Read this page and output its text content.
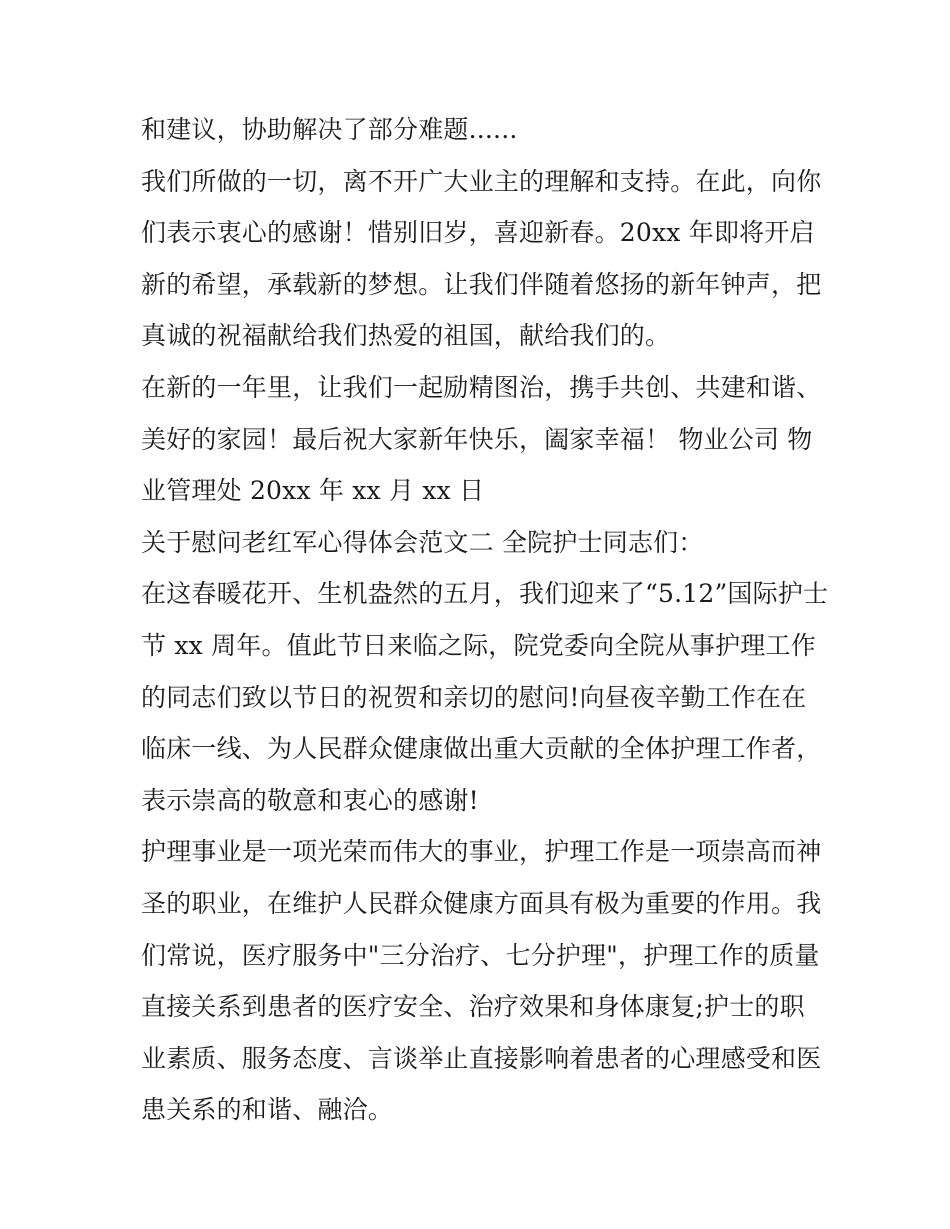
和建议，协助解决了部分难题......
我们所做的一切，离不开广大业主的理解和支持。在此，向你
们表示衷心的感谢！惜别旧岁，喜迎新春。20xx 年即将开启
新的希望，承载新的梦想。让我们伴随着悠扬的新年钟声，把
真诚的祝福献给我们热爱的祖国，献给我们的。
在新的一年里，让我们一起励精图治，携手共创、共建和谐、
美好的家园！最后祝大家新年快乐，阖家幸福！ 物业公司 物
业管理处 20xx 年 xx 月 xx 日
关于慰问老红军心得体会范文二 全院护士同志们：
在这春暖花开、生机盎然的五月，我们迎来了“5.12”国际护士
节 xx 周年。值此节日来临之际，院党委向全院从事护理工作
的同志们致以节日的祝贺和亲切的慰问!向昼夜辛勤工作在在
临床一线、为人民群众健康做出重大贡献的全体护理工作者，
表示崇高的敬意和衷心的感谢!
护理事业是一项光荣而伟大的事业，护理工作是一项崇高而神
圣的职业，在维护人民群众健康方面具有极为重要的作用。我
们常说，医疗服务中"三分治疗、七分护理"，护理工作的质量
直接关系到患者的医疗安全、治疗效果和身体康复;护士的职
业素质、服务态度、言谈举止直接影响着患者的心理感受和医
患关系的和谐、融洽。
